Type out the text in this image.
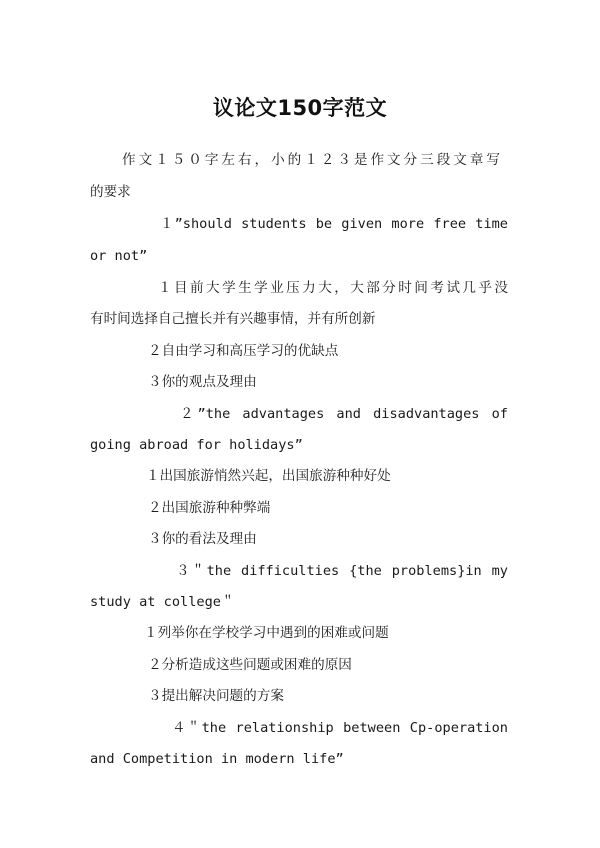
议论文150字范文
作文１５０字左右，小的１２３是作文分三段文章写
的要求
１”should students be given more free time
or not”
１目前大学生学业压力大，大部分时间考试几乎没
有时间选择自己擅长并有兴趣事情，并有所创新
２自由学习和高压学习的优缺点
３你的观点及理由
２”the advantages and disadvantages of
going abroad for holidays”
１出国旅游悄然兴起，出国旅游种种好处
２出国旅游种种弊端
３你的看法及理由
３＂the difficulties {the problems}in my
study at college＂
１列举你在学校学习中遇到的困难或问题
２分析造成这些问题或困难的原因
３提出解决问题的方案
４＂the relationship between Cp-operation
and Competition in modern life”
